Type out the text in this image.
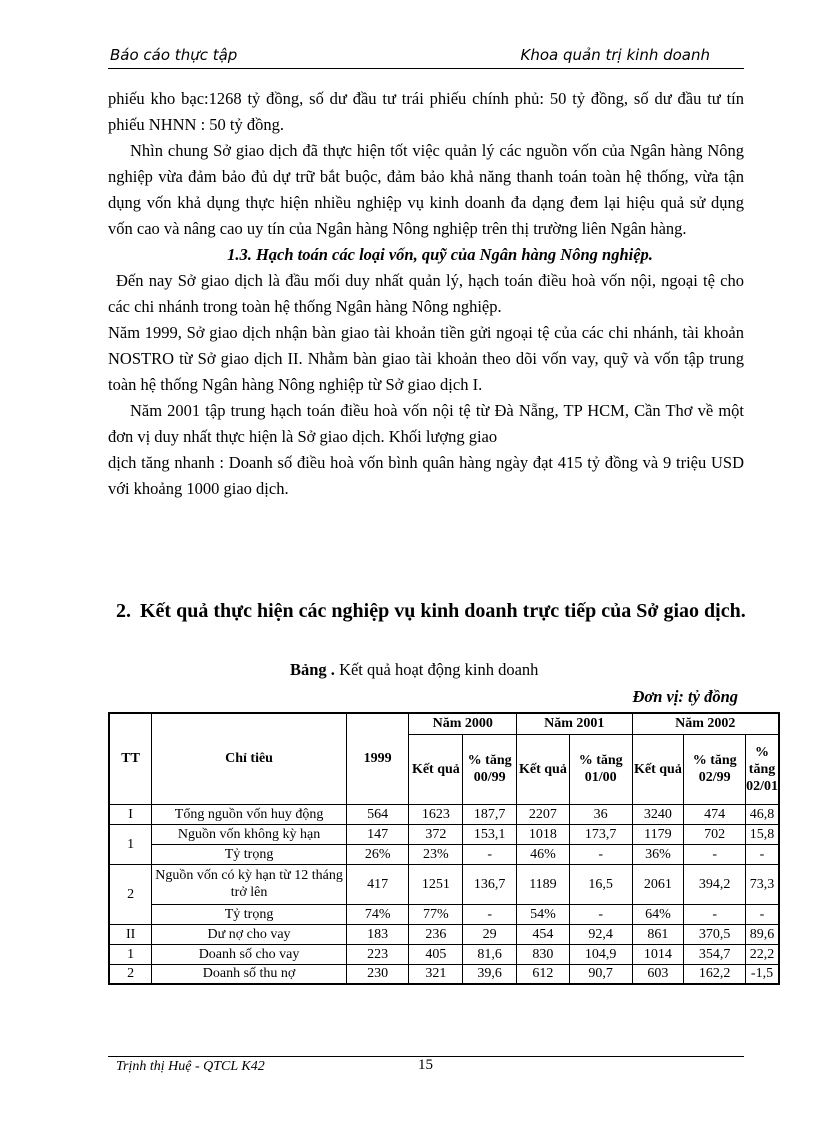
Báo cáo thực tập	Khoa quản trị kinh doanh

phiếu kho bạc:1268 tỷ đồng, số dư đầu tư trái phiếu chính phủ: 50 tỷ đồng, số dư đầu tư tín phiếu NHNN : 50 tỷ đồng.

Nhìn chung Sở giao dịch đã thực hiện tốt việc quản lý các nguồn vốn của Ngân hàng Nông nghiệp vừa đảm bảo đủ dự trữ bắt buộc, đảm bảo khả năng thanh toán toàn hệ thống, vừa tận dụng vốn khả dụng thực hiện nhiều nghiệp vụ kinh doanh đa dạng đem lại hiệu quả sử dụng vốn cao và nâng cao uy tín của Ngân hàng Nông nghiệp trên thị trường liên Ngân hàng.

1.3. Hạch toán các loại vốn, quỹ của Ngân hàng Nông nghiệp.

Đến nay Sở giao dịch là đầu mối duy nhất quản lý, hạch toán điều hoà vốn nội, ngoại tệ cho các chi nhánh trong toàn hệ thống Ngân hàng Nông nghiệp.

Năm 1999, Sở giao dịch nhận bàn giao tài khoản tiền gửi ngoại tệ của các chi nhánh, tài khoản NOSTRO từ Sở giao dịch II. Nhằm bàn giao tài khoản theo dõi vốn vay, quỹ và vốn tập trung toàn hệ thống Ngân hàng Nông nghiệp từ Sở giao dịch I.

Năm 2001 tập trung hạch toán điều hoà vốn nội tệ từ Đà Nẵng, TP HCM, Cần Thơ về một đơn vị duy nhất thực hiện là Sở giao dịch. Khối lượng giao

dịch tăng nhanh : Doanh số điều hoà vốn bình quân hàng ngày đạt 415 tỷ đồng và 9 triệu USD với khoảng 1000 giao dịch.

2. Kết quả thực hiện các nghiệp vụ kinh doanh trực tiếp của Sở giao dịch.
Bảng . Kết quả hoạt động kinh doanh
Đơn vị: tỷ đồng
TT	Chỉ tiêu	1999	Năm 2000		Năm 2001		Năm 2002		
			Kết quả	% tăng 00/99	Kết quả	% tăng 01/00	Kết quả	% tăng 02/99	% tăng 02/01
I	Tổng nguồn vốn huy động	564	1623	187,7	2207	36	3240	474	46,8
1	Nguồn vốn không kỳ hạn	147	372	153,1	1018	173,7	1179	702	15,8
	Tỷ trọng	26%	23%	-	46%	-	36%	-	-
2	Nguồn vốn có kỳ hạn từ 12 tháng trở lên	417	1251	136,7	1189	16,5	2061	394,2	73,3
	Tỷ trọng	74%	77%	-	54%	-	64%	-	-
II	Dư nợ cho vay	183	236	29	454	92,4	861	370,5	89,6
1	Doanh số cho vay	223	405	81,6	830	104,9	1014	354,7	22,2
2	Doanh số thu nợ	230	321	39,6	612	90,7	603	162,2	-1,5
Trịnh thị Huệ - QTCL K42	15
